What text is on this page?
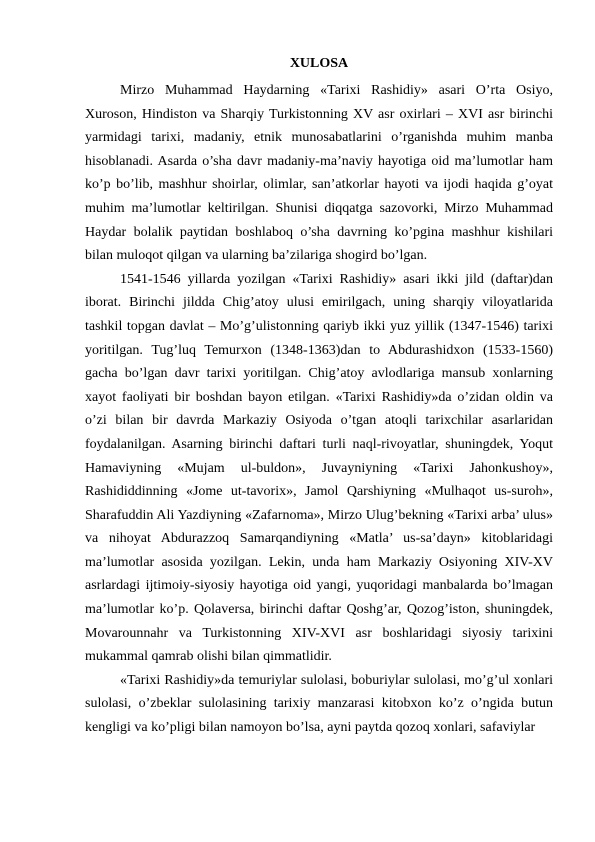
XULOSA

Mirzo Muhammad Haydarning «Tarixi Rashidiy» asari O’rta Osiyo, Xuroson, Hindiston va Sharqiy Turkistonning XV asr oxirlari – XVI asr birinchi yarmidagi tarixi, madaniy, etnik munosabatlarini o’rganishda muhim manba hisoblanadi. Asarda o’sha davr madaniy-ma’naviy hayotiga oid ma’lumotlar ham ko’p bo’lib, mashhur shoirlar, olimlar, san’atkorlar hayoti va ijodi haqida g’oyat muhim ma’lumotlar keltirilgan. Shunisi diqqatga sazovorki, Mirzo Muhammad Haydar bolalik paytidan boshlaboq o’sha davrning ko’pgina mashhur kishilari bilan muloqot qilgan va ularning ba’zilariga shogird bo’lgan.

1541-1546 yillarda yozilgan «Tarixi Rashidiy» asari ikki jild (daftar)dan iborat. Birinchi jildda Chig’atoy ulusi emirilgach, uning sharqiy viloyatlarida tashkil topgan davlat – Mo’g’ulistonning qariyb ikki yuz yillik (1347-1546) tarixi yoritilgan. Tug’luq Temurxon (1348-1363)dan to Abdurashidxon (1533-1560) gacha bo’lgan davr tarixi yoritilgan. Chig’atoy avlodlariga mansub xonlarning xayot faoliyati bir boshdan bayon etilgan. «Tarixi Rashidiy»da o’zidan oldin va o’zi bilan bir davrda Markaziy Osiyoda o’tgan atoqli tarixchilar asarlaridan foydalanilgan. Asarning birinchi daftari turli naql-rivoyatlar, shuningdek, Yoqut Hamaviyning «Mujam ul-buldon», Juvayniyning «Tarixi Jahonkushoy», Rashididdinning «Jome ut-tavorix», Jamol Qarshiyning «Mulhaqot us-suroh», Sharafuddin Ali Yazdiyning «Zafarnoma», Mirzo Ulug’bekning «Tarixi arba’ ulus» va nihoyat Abdurazzoq Samarqandiyning «Matla’ us-sa’dayn» kitoblaridagi ma’lumotlar asosida yozilgan. Lekin, unda ham Markaziy Osiyoning XIV-XV asrlardagi ijtimoiy-siyosiy hayotiga oid yangi, yuqoridagi manbalarda bo’lmagan ma’lumotlar ko’p. Qolaversa, birinchi daftar Qoshg’ar, Qozog’iston, shuningdek, Movarounnahr va Turkistonning XIV-XVI asr boshlaridagi siyosiy tarixini mukammal qamrab olishi bilan qimmatlidir.

«Tarixi Rashidiy»da temuriylar sulolasi, boburiylar sulolasi, mo’g’ul xonlari sulolasi, o’zbeklar sulolasining tarixiy manzarasi kitobxon ko’z o’ngida butun kengligi va ko’pligi bilan namoyon bo’lsa, ayni paytda qozoq xonlari, safaviylar
